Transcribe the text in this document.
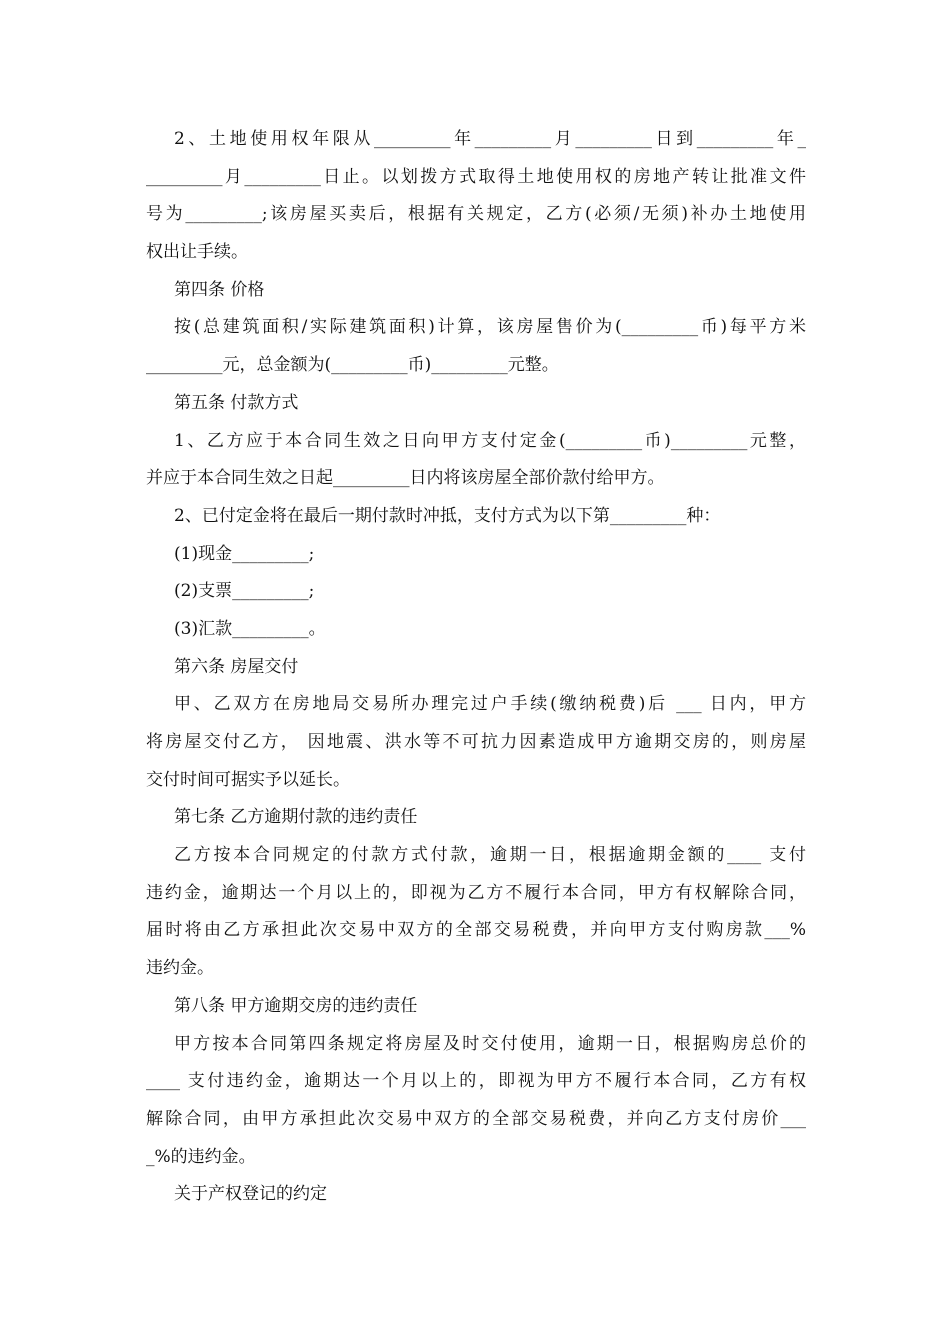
2、土地使用权年限从_________年_________月_________日到_________年_
_________月_________日止。以划拨方式取得土地使用权的房地产转让批准文件
号为_________;该房屋买卖后，根据有关规定，乙方(必须/无须)补办土地使用
权出让手续。
第四条 价格
按(总建筑面积/实际建筑面积)计算，该房屋售价为(_________币)每平方米
_________元，总金额为(_________币)_________元整。
第五条 付款方式
1、乙方应于本合同生效之日向甲方支付定金(_________币)_________元整，
并应于本合同生效之日起_________日内将该房屋全部价款付给甲方。
2、已付定金将在最后一期付款时冲抵，支付方式为以下第_________种：
(1)现金_________;
(2)支票_________;
(3)汇款_________。
第六条 房屋交付
甲、乙双方在房地局交易所办理完过户手续(缴纳税费)后 ___ 日内，甲方
将房屋交付乙方， 因地震、洪水等不可抗力因素造成甲方逾期交房的，则房屋
交付时间可据实予以延长。
第七条 乙方逾期付款的违约责任
乙方按本合同规定的付款方式付款，逾期一日，根据逾期金额的____ 支付
违约金，逾期达一个月以上的，即视为乙方不履行本合同，甲方有权解除合同，
届时将由乙方承担此次交易中双方的全部交易税费，并向甲方支付购房款___%
违约金。
第八条 甲方逾期交房的违约责任
甲方按本合同第四条规定将房屋及时交付使用，逾期一日，根据购房总价的
____ 支付违约金，逾期达一个月以上的，即视为甲方不履行本合同，乙方有权
解除合同，由甲方承担此次交易中双方的全部交易税费，并向乙方支付房价___
_%的违约金。
关于产权登记的约定
